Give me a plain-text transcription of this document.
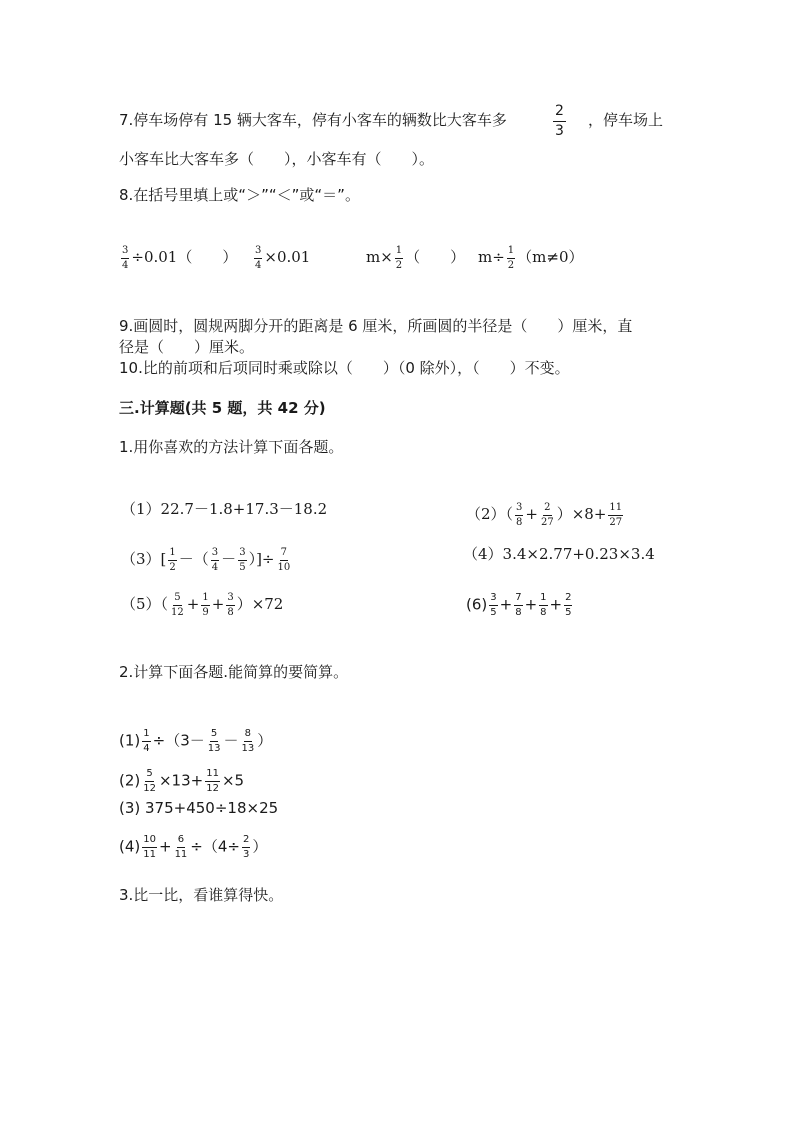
7.停车场停有 15 辆大客车，停有小客车的辆数比大客车多	$\frac{2}{3}$ ，停车场上
小客车比大客车多（　　），小客车有（　　）。
8.在括号里填上或“＞”“＜”或“＝”。
$\frac{3}{4} \div 0.01$（　　） $\frac{3}{4} \times 0.01$	$m\times \frac{1}{2}$ （　　） $m\div \frac{1}{2} (m\ne 0)$
9.画圆时，圆规两脚分开的距离是 6 厘米，所画圆的半径是（　　）厘米，直
径是（　　）厘米。
10.比的前项和后项同时乘或除以（　　）（0 除外），（　　）不变。
三.计算题(共 5 题，共 42 分)
1.用你喜欢的方法计算下面各题。
（1）22.7－1.8+17.3－18.2	$(2)( \frac{3}{8} + \frac{2}{27} )\times 8+ \frac{11}{27}$
$(3)[ \frac{1}{2}$ －（ $\frac{3}{4} - \frac{3}{5}$ ）]÷ $\frac{7}{10}$	（4）3.4×2.77+0.23×3.4
$(5)( \frac{5}{12} + \frac{1}{9} + \frac{3}{8} )\times 72$	$(6) \frac{3}{5} + \frac{7}{8} + \frac{1}{8} + \frac{2}{5}$
2.计算下面各题.能简算的要简算。
$(1) \frac{1}{4} \div(3- \frac{5}{13} - \frac{8}{13}$ ）
$(2) \frac{5}{12} \times 13+ \frac{11}{12} \times 5$
(3) 375+450÷18×25
$(4) \frac{10}{11} + \frac{6}{11} \div(4\div \frac{2}{3}$ ）
3.比一比，看谁算得快。
